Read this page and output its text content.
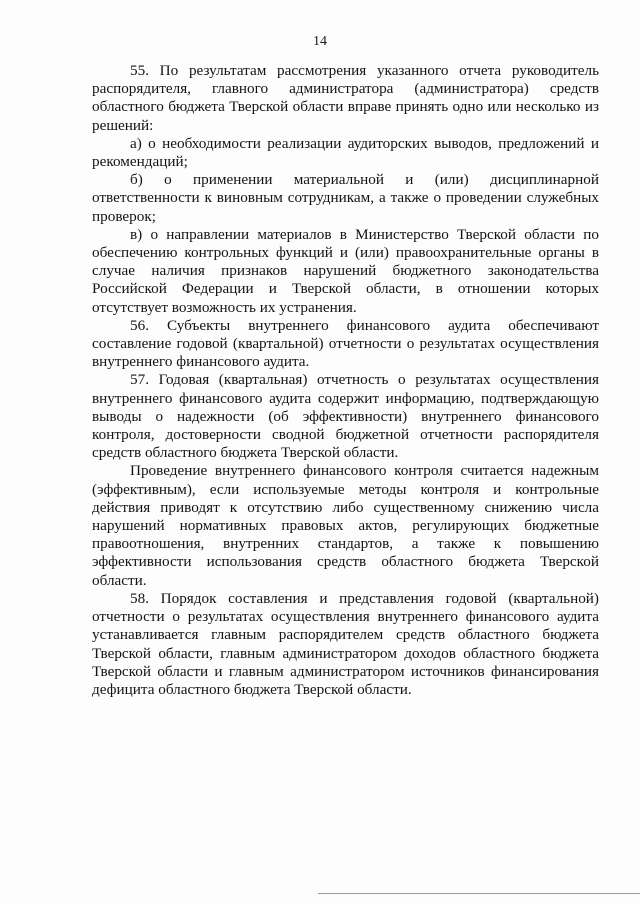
14

55. По результатам рассмотрения указанного отчета руководитель распорядителя, главного администратора (администратора) средств областного бюджета Тверской области вправе принять одно или несколько из решений:

а) о необходимости реализации аудиторских выводов, предложений и рекомендаций;

б) о применении материальной и (или) дисциплинарной ответственности к виновным сотрудникам, а также о проведении служебных проверок;

в) о направлении материалов в Министерство Тверской области по обеспечению контрольных функций и (или) правоохранительные органы в случае наличия признаков нарушений бюджетного законодательства Российской Федерации и Тверской области, в отношении которых отсутствует возможность их устранения.

56. Субъекты внутреннего финансового аудита обеспечивают составление годовой (квартальной) отчетности о результатах осуществления внутреннего финансового аудита.

57. Годовая (квартальная) отчетность о результатах осуществления внутреннего финансового аудита содержит информацию, подтверждающую выводы о надежности (об эффективности) внутреннего финансового контроля, достоверности сводной бюджетной отчетности распорядителя средств областного бюджета Тверской области.

Проведение внутреннего финансового контроля считается надежным (эффективным), если используемые методы контроля и контрольные действия приводят к отсутствию либо существенному снижению числа нарушений нормативных правовых актов, регулирующих бюджетные правоотношения, внутренних стандартов, а также к повышению эффективности использования средств областного бюджета Тверской области.

58. Порядок составления и представления годовой (квартальной) отчетности о результатах осуществления внутреннего финансового аудита устанавливается главным распорядителем средств областного бюджета Тверской области, главным администратором доходов областного бюджета Тверской области и главным администратором источников финансирования дефицита областного бюджета Тверской области.
